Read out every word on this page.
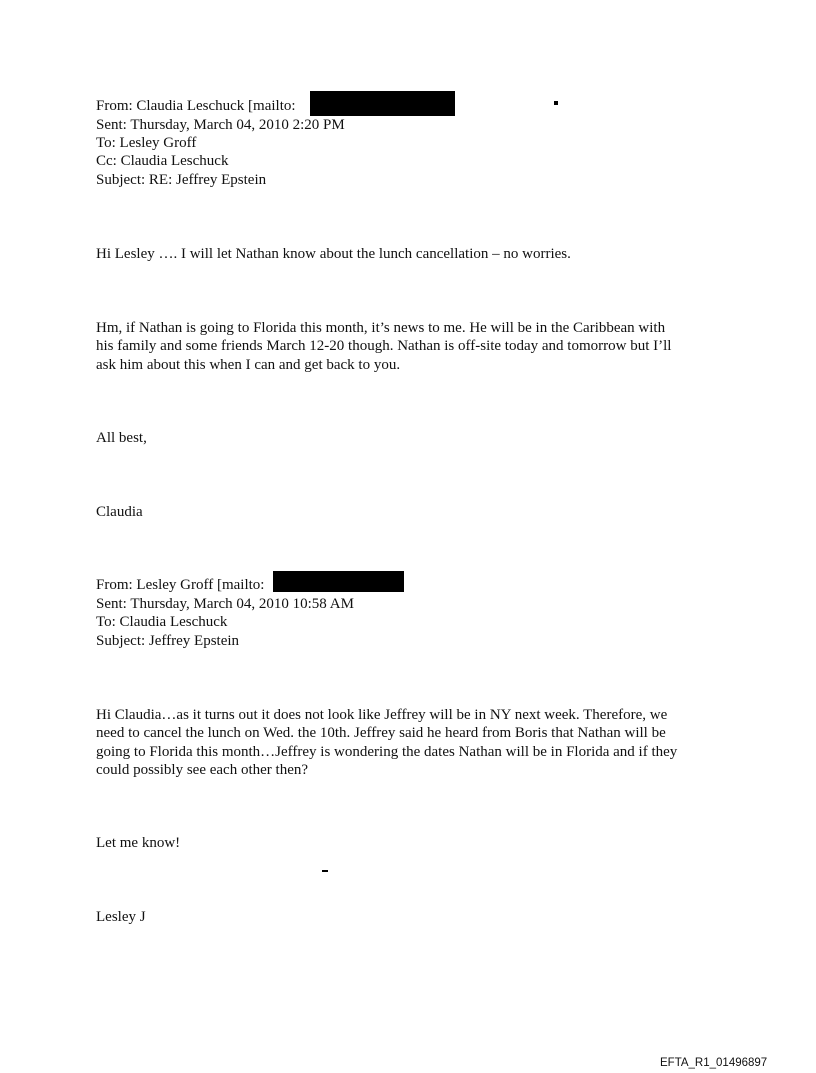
From: Claudia Leschuck [mailto:
Sent: Thursday, March 04, 2010 2:20 PM
To: Lesley Groff
Cc: Claudia Leschuck
Subject: RE: Jeffrey Epstein
Hi Lesley …. I will let Nathan know about the lunch cancellation – no worries.
Hm, if Nathan is going to Florida this month, it’s news to me. He will be in the Caribbean with
his family and some friends March 12-20 though. Nathan is off-site today and tomorrow but I’ll
ask him about this when I can and get back to you.
All best,
Claudia
From: Lesley Groff [mailto:
Sent: Thursday, March 04, 2010 10:58 AM
To: Claudia Leschuck
Subject: Jeffrey Epstein
Hi Claudia…as it turns out it does not look like Jeffrey will be in NY next week. Therefore, we
need to cancel the lunch on Wed. the 10th. Jeffrey said he heard from Boris that Nathan will be
going to Florida this month…Jeffrey is wondering the dates Nathan will be in Florida and if they
could possibly see each other then?
Let me know!
Lesley J
EFTA_R1_01496897
